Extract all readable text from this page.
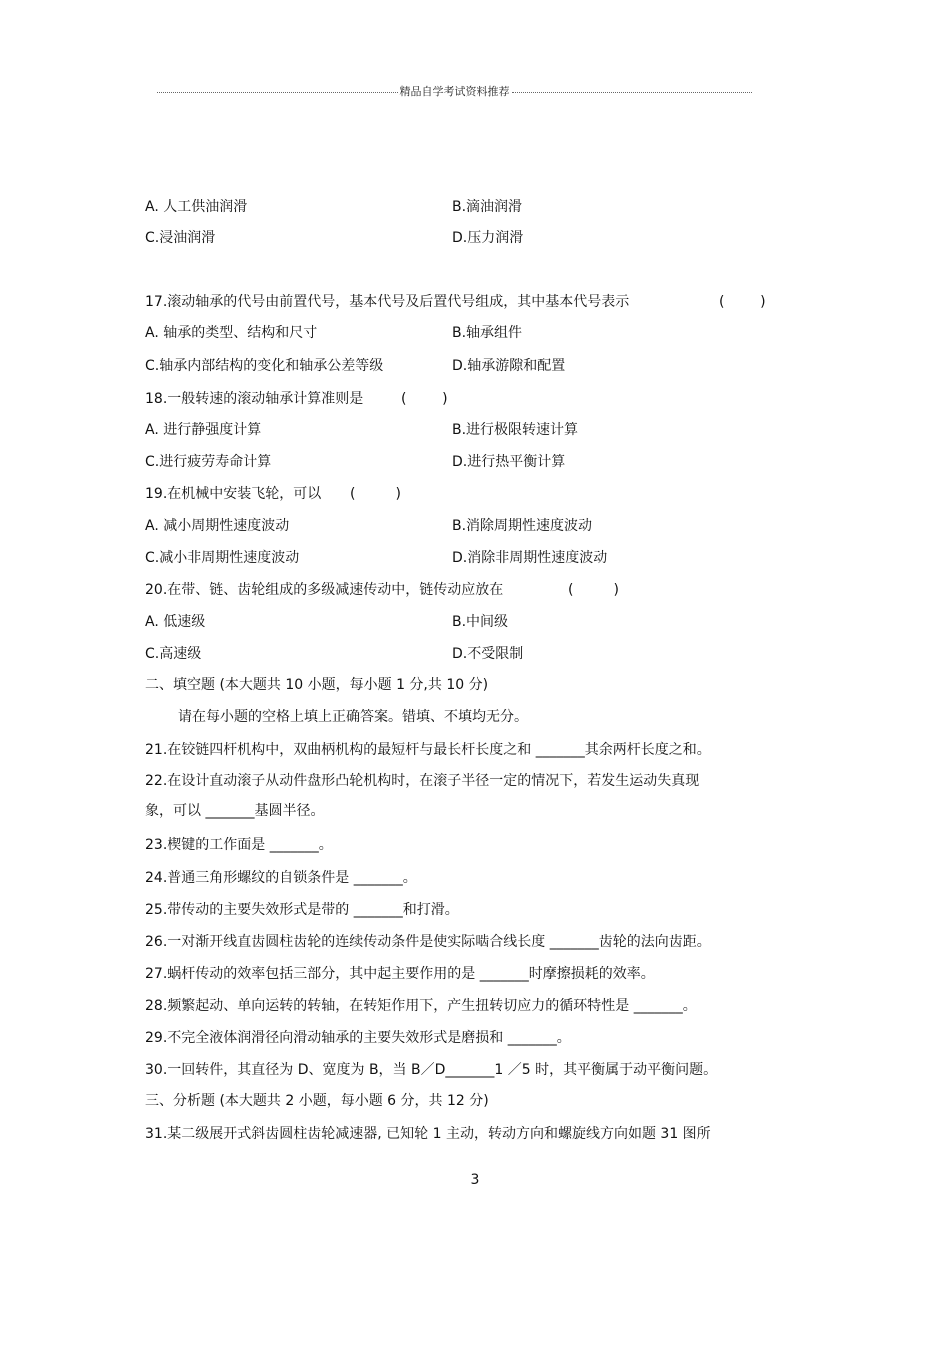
精品自学考试资料推荐
A. 人工供油润滑	B.滴油润滑
C.浸油润滑	D.压力润滑
17.滚动轴承的代号由前置代号，基本代号及后置代号组成，其中基本代号表示	(        )
A. 轴承的类型、结构和尺寸	B.轴承组件
C.轴承内部结构的变化和轴承公差等级	D.轴承游隙和配置
18.一般转速的滚动轴承计算准则是	(        )
A. 进行静强度计算	B.进行极限转速计算
C.进行疲劳寿命计算	D.进行热平衡计算
19.在机械中安装飞轮，可以 (         )
A. 减小周期性速度波动	B.消除周期性速度波动
C.减小非周期性速度波动	D.消除非周期性速度波动
20.在带、链、齿轮组成的多级减速传动中，链传动应放在	(         )
A. 低速级	B.中间级
C.高速级	D.不受限制
二、填空题 (本大题共 10 小题，每小题 1 分,共 10 分)
请在每小题的空格上填上正确答案。错填、不填均无分。
21.在铰链四杆机构中，双曲柄机构的最短杆与最长杆长度之和 _______其余两杆长度之和。
22.在设计直动滚子从动件盘形凸轮机构时，在滚子半径一定的情况下，若发生运动失真现
象，可以 _______基圆半径。
23.楔键的工作面是 _______。
24.普通三角形螺纹的自锁条件是 _______。
25.带传动的主要失效形式是带的 _______和打滑。
26.一对渐开线直齿圆柱齿轮的连续传动条件是使实际啮合线长度 _______齿轮的法向齿距。
27.蜗杆传动的效率包括三部分，其中起主要作用的是 _______时摩擦损耗的效率。
28.频繁起动、单向运转的转轴，在转矩作用下，产生扭转切应力的循环特性是 _______。
29.不完全液体润滑径向滑动轴承的主要失效形式是磨损和 _______。
30.一回转件，其直径为 D、宽度为 B，当 B／D_______1 ／5 时，其平衡属于动平衡问题。
三、分析题 (本大题共 2 小题，每小题 6 分，共 12 分)
31.某二级展开式斜齿圆柱齿轮减速器, 已知轮 1 主动，转动方向和螺旋线方向如题 31 图所
3
